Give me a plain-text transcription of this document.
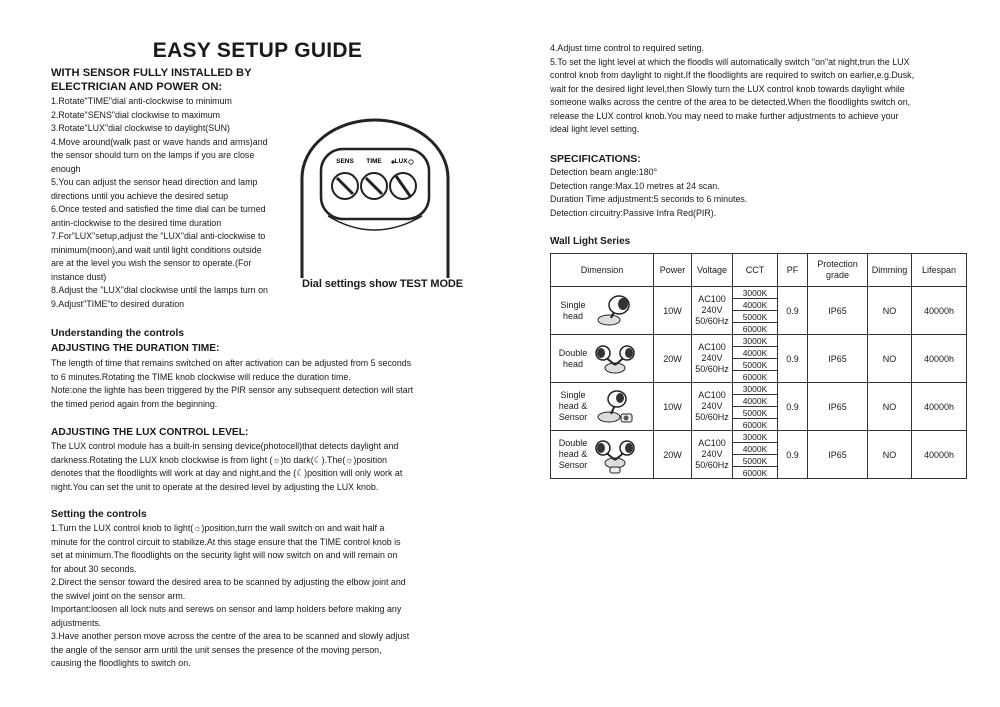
EASY SETUP GUIDE
WITH SENSOR FULLY INSTALLED BY
ELECTRICIAN AND POWER ON:
1.Rotate"TIME"dial anti-clockwise to minimum
2.Rotate"SENS"dial clockwise to maximum
3.Rotate"LUX"dial clockwise to daylight(SUN)
4.Move around(walk past or wave hands and arms)and
the sensor should turn on the lamps if you are close
enough
5.You can adjust the sensor head direction and lamp
directions until you achieve the desired setup
6.Once tested and satisfied the time dial can be turned
antin-clockwise to the desired time duration
7.For"LUX"setup,adjust the "LUX"dial anti-clockwise to
minimum(moon),and wait until light conditions outside
are at the level you wish the sensor to operate.(For
instance dust)
8.Adjust the "LUX"dial clockwise until the lamps turn on
9.Adjust"TIME"to desired duration
SENS TIME LUX
Dial settings show TEST MODE
Understanding the controls
ADJUSTING THE DURATION TIME:
The length of time that remains switched on after activation can be adjusted from 5 seconds
to 6 minutes.Rotating the TIME knob clockwise will reduce the duration time.
Note:one the lighte has been triggered by the PIR sensor any subsequent detection will start
the timed period again from the beginning.
ADJUSTING THE LUX CONTROL LEVEL:
The LUX control module has a built-in sensing device(photocell)that detects daylight and
darkness.Rotating the LUX knob clockwise is from light (☼)to dark(☾).The(☼)position
denotes that the floodlights will work at day and night,and the (☾)position will only work at
night.You can set the unit to operate at the desired level by adjusting the LUX knob.
Setting the controls
1.Turn the LUX control knob to light(☼)position,turn the wall switch on and wait half a
minute for the control circuit to stabilize.At this stage ensure that the TIME control knob is
set at minimum.The floodlights on the security light will now switch on and will remain on
for about 30 seconds.
2.Direct the sensor toward the desired area to be scanned by adjusting the elbow joint and
the swivel joint on the sensor arm.
Important:loosen all lock nuts and serews on sensor and lamp holders before making any
adjustments.
3.Have another person move across the centre of the area to be scanned and slowly adjust
the angle of the sensor arm until the unit senses the presence of the moving person,
causing the floodlights to switch on.
4.Adjust time control to required seting.
5.To set the light level at which the floodls will automatically switch "on"at night,trun the LUX
control knob from daylight to night.If the floodlights are required to switch on earlier,e.g.Dusk,
wait for the desired light level,then Slowly turn the LUX control knob towards daylight while
someone walks across the centre of the area to be detected.When the floodlights switch on,
release the LUX control knob.You may need to make further adjustments to achieve your
ideal light level setting.
SPECIFICATIONS:
Detection beam angle:180°
Detection range:Max.10 metres at 24 scan.
Duration Time adjustment:5 seconds to 6 minutes.
Detection circuitry:Passive Infra Red(PIR).
Wall Light Series
Dimension	Power	Voltage	CCT	PF	Protection grade	Dimming	Lifespan

Single head	10W	AC100
240V
50/60Hz	3000K	0.9	IP65	NO	40000h
			4000K				
			5000K				
			6000K				

Double head	20W	AC100
240V
50/60Hz	3000K	0.9	IP65	NO	40000h
			4000K				
			5000K				
			6000K				

Single head & Sensor	10W	AC100
240V
50/60Hz	3000K	0.9	IP65	NO	40000h
			4000K				
			5000K				
			6000K				

Double head & Sensor	20W	AC100
240V
50/60Hz	3000K	0.9	IP65	NO	40000h
			4000K				
			5000K				
			6000K				
